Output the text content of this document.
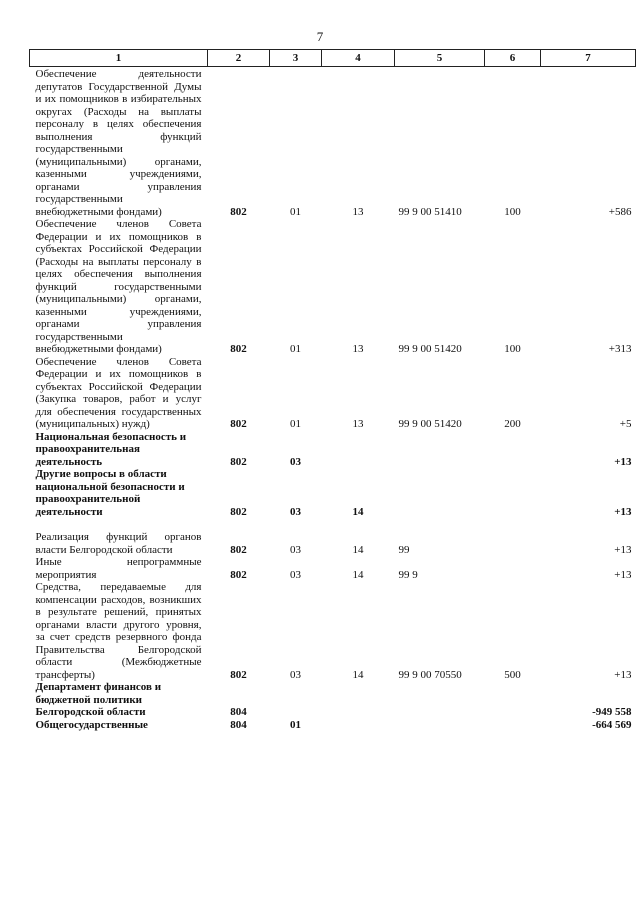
7
1	2	3	4	5	6	7
Обеспечение деятельности депутатов Государственной Думы и их помощников в избирательных округах (Расходы на выплаты персоналу в целях обеспечения выполнения функций государственными (муниципальными) органами, казенными учреждениями, органами управления государственными внебюджетными фондами)	802	01	13	99 9 00 51410	100	+586
Обеспечение членов Совета Федерации и их помощников в субъектах Российской Федерации (Расходы на выплаты персоналу в целях обеспечения выполнения функций государственными (муниципальными) органами, казенными учреждениями, органами управления государственными внебюджетными фондами)	802	01	13	99 9 00 51420	100	+313
Обеспечение членов Совета Федерации и их помощников в субъектах Российской Федерации (Закупка товаров, работ и услуг для обеспечения государственных (муниципальных) нужд)	802	01	13	99 9 00 51420	200	+5
Национальная безопасность и правоохранительная деятельность	802	03				+13
Другие вопросы в области национальной безопасности и правоохранительной деятельности	802	03	14			+13
Реализация функций органов власти Белгородской области	802	03	14	99		+13
Иные непрограммные мероприятия	802	03	14	99 9		+13
Средства, передаваемые для компенсации расходов, возникших в результате решений, принятых органами власти другого уровня, за счет средств резервного фонда Правительства Белгородской области (Межбюджетные трансферты)	802	03	14	99 9 00 70550	500	+13
Департамент финансов и бюджетной политики Белгородской области	804					-949 558
Общегосударственные	804	01				-664 569
